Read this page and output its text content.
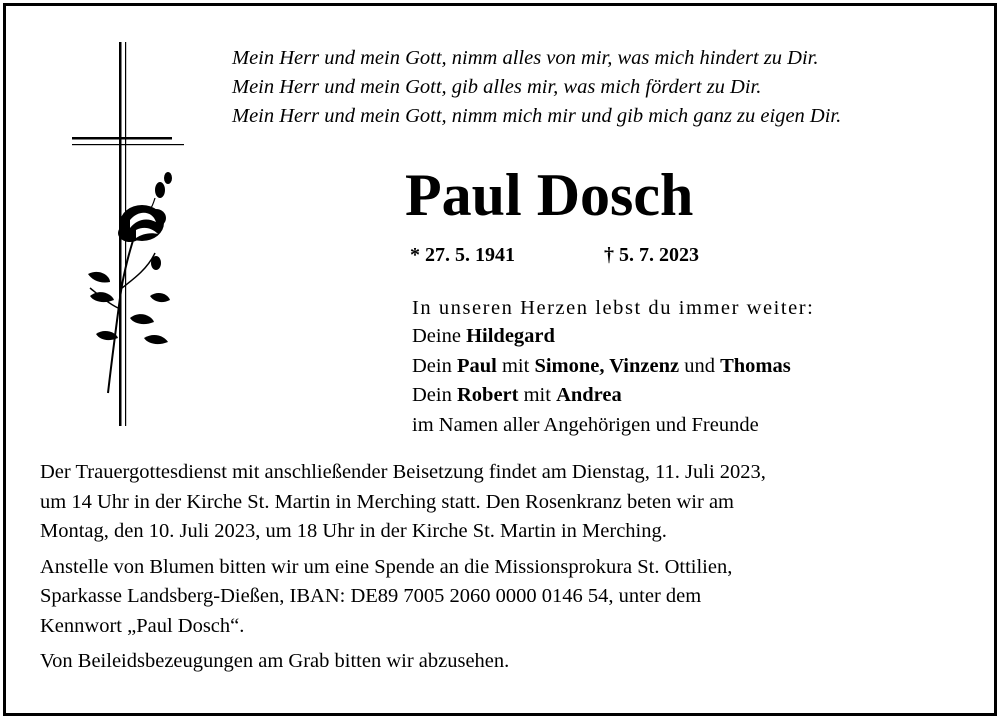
Mein Herr und mein Gott, nimm alles von mir, was mich hindert zu Dir.
Mein Herr und mein Gott, gib alles mir, was mich fördert zu Dir.
Mein Herr und mein Gott, nimm mich mir und gib mich ganz zu eigen Dir.
Paul Dosch
* 27. 5. 1941	† 5. 7. 2023
In unseren Herzen lebst du immer weiter:
Deine Hildegard
Dein Paul mit Simone, Vinzenz und Thomas
Dein Robert mit Andrea
im Namen aller Angehörigen und Freunde

Der Trauergottesdienst mit anschließender Beisetzung findet am Dienstag, 11. Juli 2023,

um 14 Uhr in der Kirche St. Martin in Merching statt. Den Rosenkranz beten wir am

Montag, den 10. Juli 2023, um 18 Uhr in der Kirche St. Martin in Merching.

Anstelle von Blumen bitten wir um eine Spende an die Missionsprokura St. Ottilien,

Sparkasse Landsberg-Dießen, IBAN: DE89 7005 2060 0000 0146 54, unter dem

Kennwort „Paul Dosch“.

Von Beileidsbezeugungen am Grab bitten wir abzusehen.
